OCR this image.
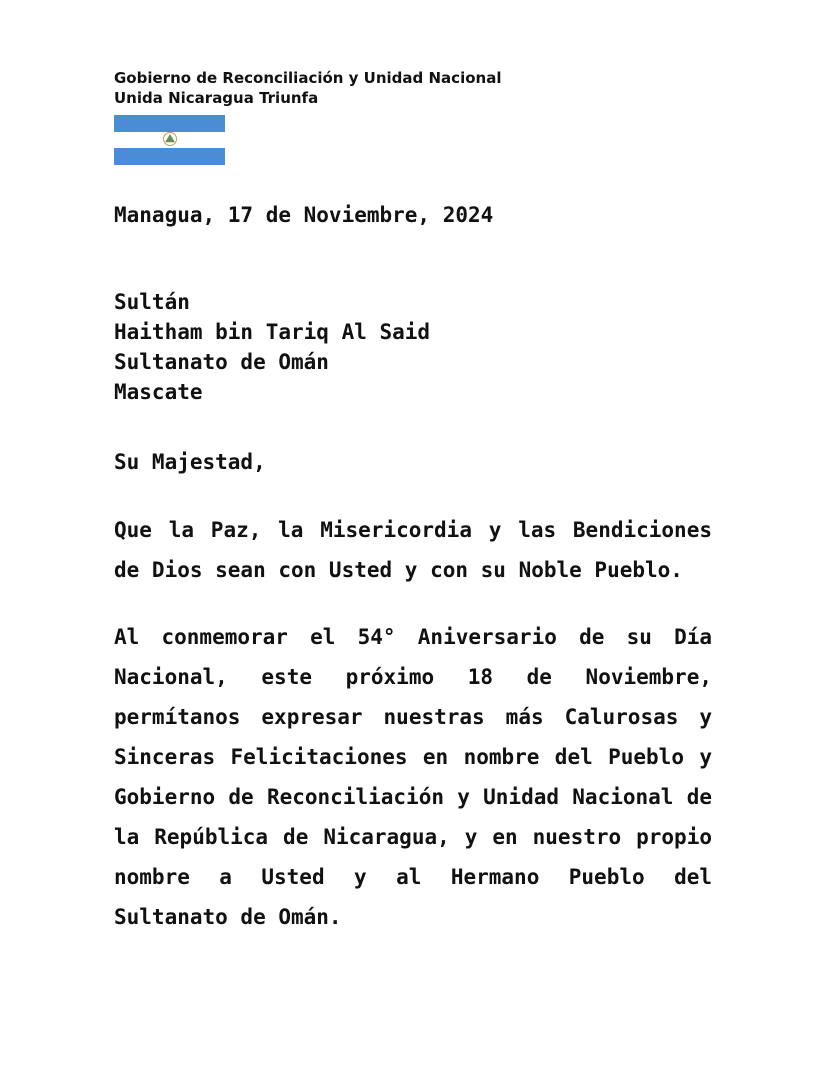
Gobierno de Reconciliación y Unidad Nacional
Unida Nicaragua Triunfa
Managua, 17 de Noviembre, 2024
Sultán
Haitham bin Tariq Al Said
Sultanato de Omán
Mascate
Su Majestad,

Que la Paz, la Misericordia y las Bendiciones de Dios sean con Usted y con su Noble Pueblo.

Al conmemorar el 54° Aniversario de su Día Nacional, este próximo 18 de Noviembre, permítanos expresar nuestras más Calurosas y Sinceras Felicitaciones en nombre del Pueblo y Gobierno de Reconciliación y Unidad Nacional de la República de Nicaragua, y en nuestro propio nombre a Usted y al Hermano Pueblo del Sultanato de Omán.
